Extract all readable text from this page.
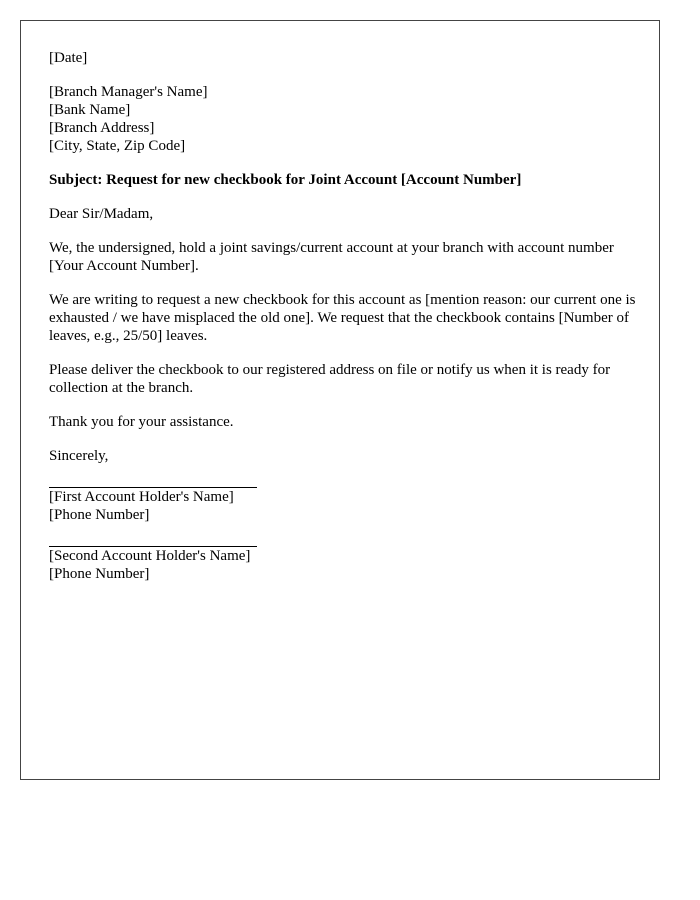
[Date]

[Branch Manager's Name]
[Bank Name]
[Branch Address]
[City, State, Zip Code]

Subject: Request for new checkbook for Joint Account [Account Number]

Dear Sir/Madam,

We, the undersigned, hold a joint savings/current account at your branch with account number [Your Account Number].

We are writing to request a new checkbook for this account as [mention reason: our current one is exhausted / we have misplaced the old one]. We request that the checkbook contains [Number of leaves, e.g., 25/50] leaves.

Please deliver the checkbook to our registered address on file or notify us when it is ready for collection at the branch.

Thank you for your assistance.

Sincerely,

[First Account Holder's Name]
[Phone Number]
[Second Account Holder's Name]
[Phone Number]
